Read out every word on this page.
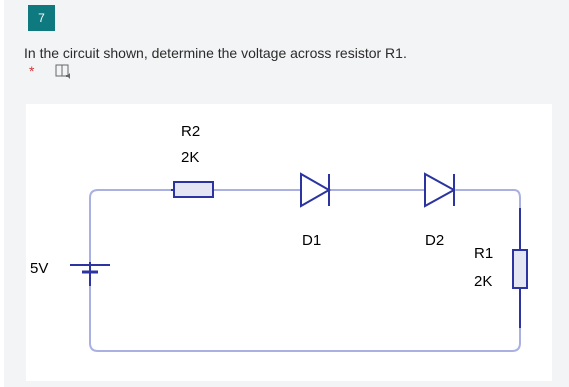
7
In the circuit shown, determine the voltage across resistor R1.
*
R2
2K
D1	D2
R1
2K
5V
